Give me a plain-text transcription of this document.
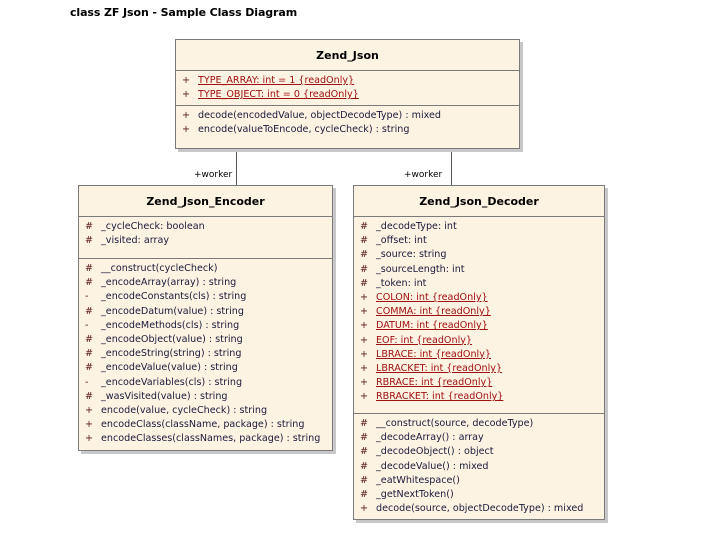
class ZF Json - Sample Class Diagram
+worker	+worker
Zend_Json
+ TYPE_ARRAY: int = 1 {readOnly}
+ TYPE_OBJECT: int = 0 {readOnly}
+ decode(encodedValue, objectDecodeType) : mixed
+ encode(valueToEncode, cycleCheck) : string
Zend_Json_Encoder
# _cycleCheck: boolean
# _visited: array
# __construct(cycleCheck)
# _encodeArray(array) : string
-	_encodeConstants(cls) : string
# _encodeDatum(value) : string
-	_encodeMethods(cls) : string
# _encodeObject(value) : string
# _encodeString(string) : string
# _encodeValue(value) : string
-	_encodeVariables(cls) : string
# _wasVisited(value) : string
+ encode(value, cycleCheck) : string
+ encodeClass(className, package) : string
+ encodeClasses(classNames, package) : string
Zend_Json_Decoder
# _decodeType: int
# _offset: int
# _source: string
# _sourceLength: int
# _token: int
+ COLON: int {readOnly}
+ COMMA: int {readOnly}
+ DATUM: int {readOnly}
+ EOF: int {readOnly}
+ LBRACE: int {readOnly}
+ LBRACKET: int {readOnly}
+ RBRACE: int {readOnly}
+ RBRACKET: int {readOnly}
# __construct(source, decodeType)
# _decodeArray() : array
# _decodeObject() : object
# _decodeValue() : mixed
# _eatWhitespace()
# _getNextToken()
+ decode(source, objectDecodeType) : mixed
